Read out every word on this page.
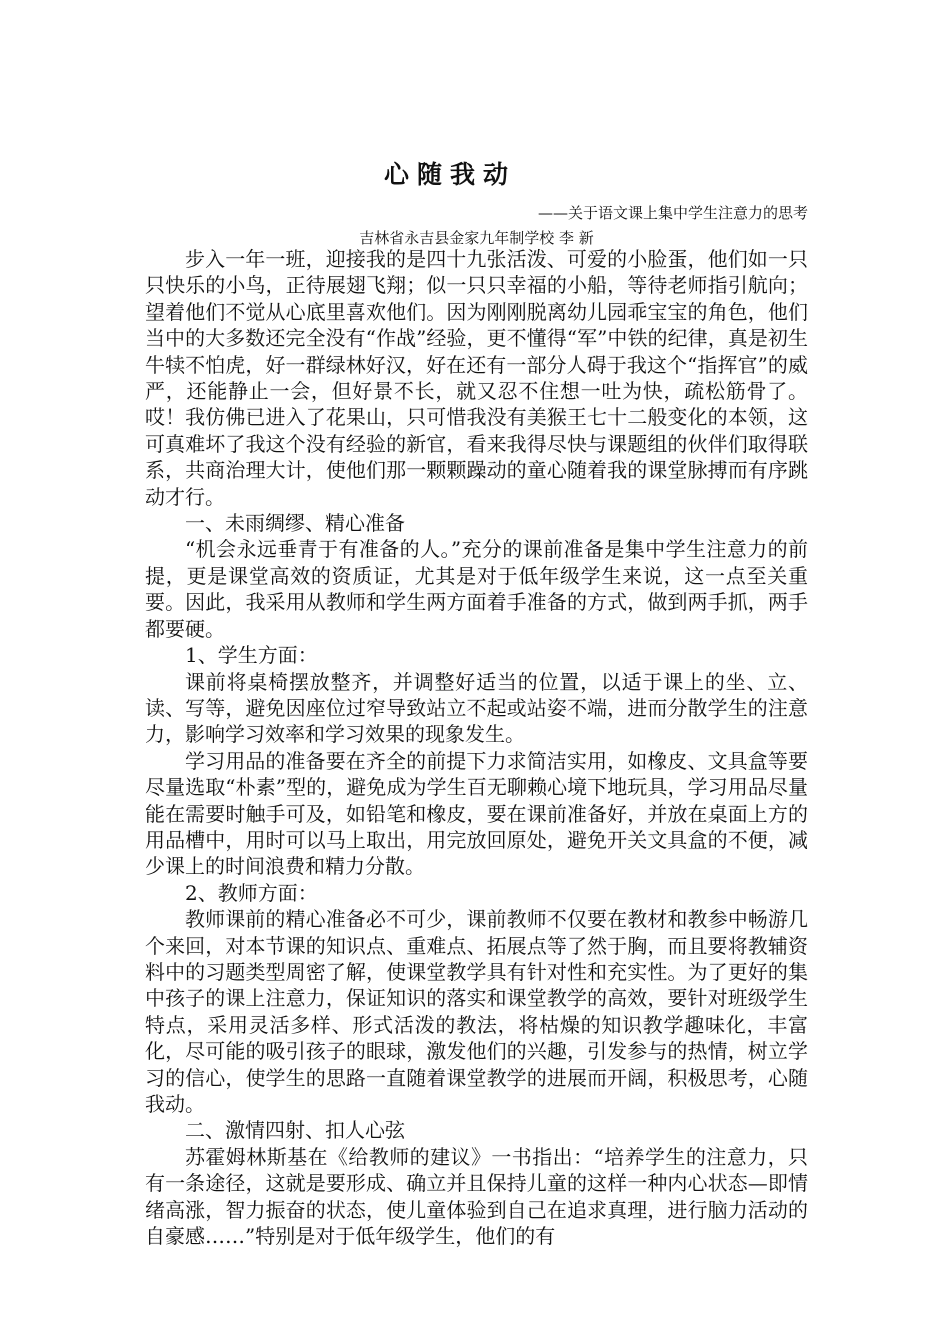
心随我动
——关于语文课上集中学生注意力的思考
吉林省永吉县金家九年制学校 李 新

步入一年一班，迎接我的是四十九张活泼、可爱的小脸蛋，他们如一只只快乐的小鸟，正待展翅飞翔；似一只只幸福的小船，等待老师指引航向；望着他们不觉从心底里喜欢他们。因为刚刚脱离幼儿园乖宝宝的角色，他们当中的大多数还完全没有“作战”经验，更不懂得“军”中铁的纪律，真是初生牛犊不怕虎，好一群绿林好汉，好在还有一部分人碍于我这个“指挥官”的威严，还能静止一会，但好景不长，就又忍不住想一吐为快，疏松筋骨了。哎！我仿佛已进入了花果山，只可惜我没有美猴王七十二般变化的本领，这可真难坏了我这个没有经验的新官，看来我得尽快与课题组的伙伴们取得联系，共商治理大计，使他们那一颗颗躁动的童心随着我的课堂脉搏而有序跳动才行。

一、未雨绸缪、精心准备

“机会永远垂青于有准备的人。”充分的课前准备是集中学生注意力的前提，更是课堂高效的资质证，尤其是对于低年级学生来说，这一点至关重要。因此，我采用从教师和学生两方面着手准备的方式，做到两手抓，两手都要硬。

1、学生方面：

课前将桌椅摆放整齐，并调整好适当的位置，以适于课上的坐、立、读、写等，避免因座位过窄导致站立不起或站姿不端，进而分散学生的注意力，影响学习效率和学习效果的现象发生。

学习用品的准备要在齐全的前提下力求简洁实用，如橡皮、文具盒等要尽量选取“朴素”型的，避免成为学生百无聊赖心境下地玩具，学习用品尽量能在需要时触手可及，如铅笔和橡皮，要在课前准备好，并放在桌面上方的用品槽中，用时可以马上取出，用完放回原处，避免开关文具盒的不便，减少课上的时间浪费和精力分散。

2、教师方面：

教师课前的精心准备必不可少，课前教师不仅要在教材和教参中畅游几个来回，对本节课的知识点、重难点、拓展点等了然于胸，而且要将教辅资料中的习题类型周密了解，使课堂教学具有针对性和充实性。为了更好的集中孩子的课上注意力，保证知识的落实和课堂教学的高效，要针对班级学生特点，采用灵活多样、形式活泼的教法，将枯燥的知识教学趣味化，丰富化，尽可能的吸引孩子的眼球，激发他们的兴趣，引发参与的热情，树立学习的信心，使学生的思路一直随着课堂教学的进展而开阔，积极思考，心随我动。

二、激情四射、扣人心弦

苏霍姆林斯基在《给教师的建议》一书指出：“培养学生的注意力，只有一条途径，这就是要形成、确立并且保持儿童的这样一种内心状态—即情绪高涨，智力振奋的状态，使儿童体验到自己在追求真理，进行脑力活动的自豪感……”特别是对于低年级学生，他们的有
